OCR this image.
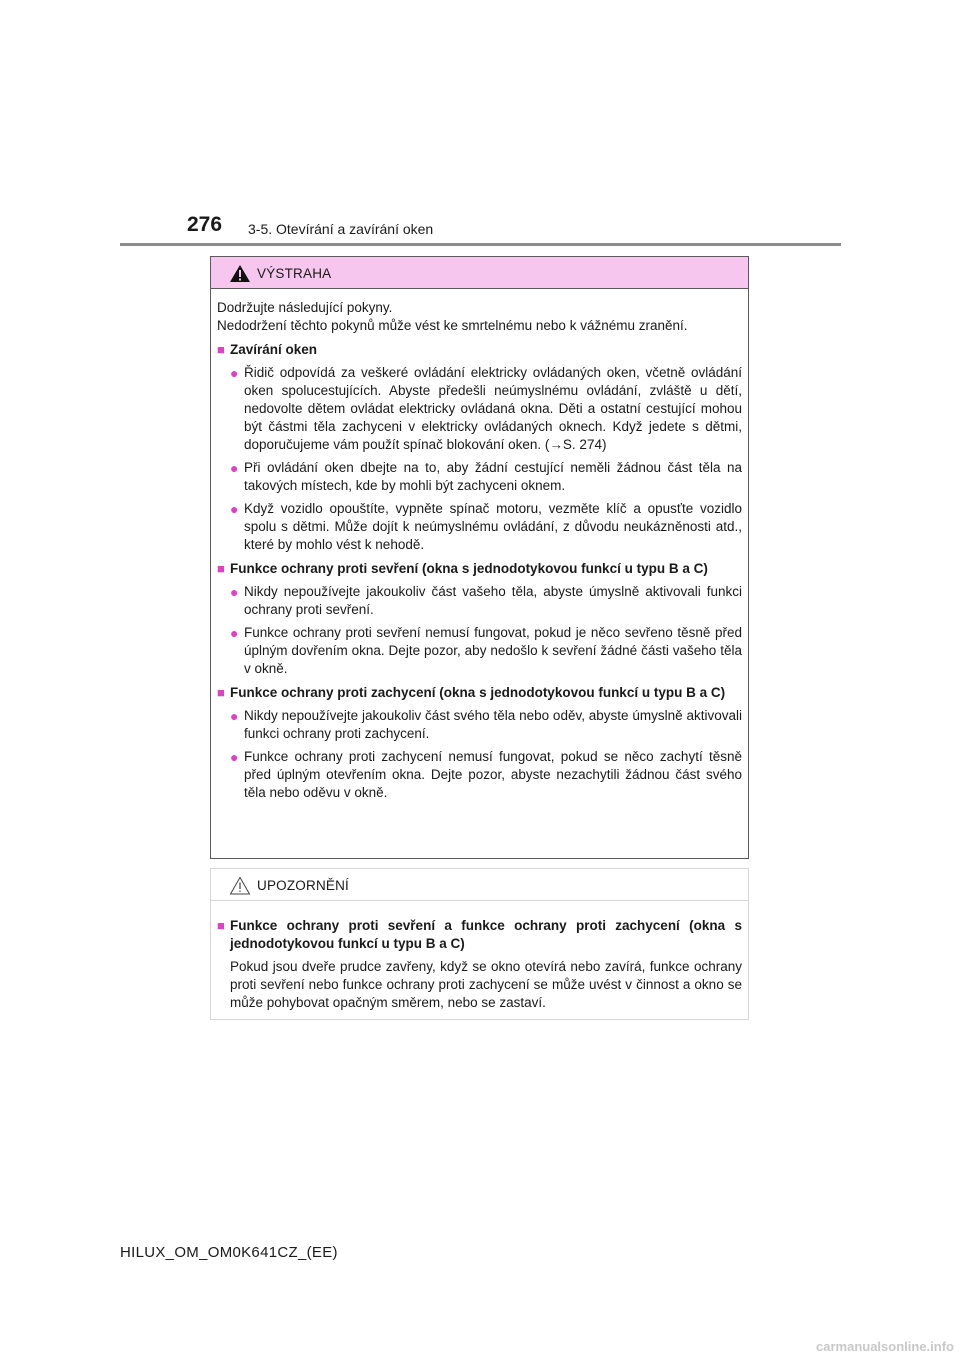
276 3-5. Otevírání a zavírání oken
VÝSTRAHA

Dodržujte následující pokyny.

Nedodržení těchto pokynů může vést ke smrtelnému nebo k vážnému zranění.

■ Zavírání oken
● Řidič odpovídá za veškeré ovládání elektricky ovládaných oken, včetně ovládání oken spolucestujících. Abyste předešli neúmyslnému ovládání, zvláště u dětí, nedovolte dětem ovládat elektricky ovládaná okna. Děti a ostatní cestující mohou být částmi těla zachyceni v elektricky ovládaných oknech. Když jedete s dětmi, doporučujeme vám použít spínač blokování oken. (→S. 274)
● Při ovládání oken dbejte na to, aby žádní cestující neměli žádnou část těla na takových místech, kde by mohli být zachyceni oknem.
● Když vozidlo opouštíte, vypněte spínač motoru, vezměte klíč a opusťte vozidlo spolu s dětmi. Může dojít k neúmyslnému ovládání, z důvodu neukázněnosti atd., které by mohlo vést k nehodě.
■ Funkce ochrany proti sevření (okna s jednodotykovou funkcí u typu B a C)
● Nikdy nepoužívejte jakoukoliv část vašeho těla, abyste úmyslně aktivovali funkci ochrany proti sevření.
● Funkce ochrany proti sevření nemusí fungovat, pokud je něco sevřeno těsně před úplným dovřením okna. Dejte pozor, aby nedošlo k sevření žádné části vašeho těla v okně.
■ Funkce ochrany proti zachycení (okna s jednodotykovou funkcí u typu B a C)
● Nikdy nepoužívejte jakoukoliv část svého těla nebo oděv, abyste úmyslně aktivovali funkci ochrany proti zachycení.
● Funkce ochrany proti zachycení nemusí fungovat, pokud se něco zachytí těsně před úplným otevřením okna. Dejte pozor, abyste nezachytili žádnou část svého těla nebo oděvu v okně.
UPOZORNĚNÍ
■ Funkce ochrany proti sevření a funkce ochrany proti zachycení (okna s jednodotykovou funkcí u typu B a C)

Pokud jsou dveře prudce zavřeny, když se okno otevírá nebo zavírá, funkce ochrany proti sevření nebo funkce ochrany proti zachycení se může uvést v činnost a okno se může pohybovat opačným směrem, nebo se zastaví.

HILUX_OM_OM0K641CZ_(EE)
carmanualsonline.info
